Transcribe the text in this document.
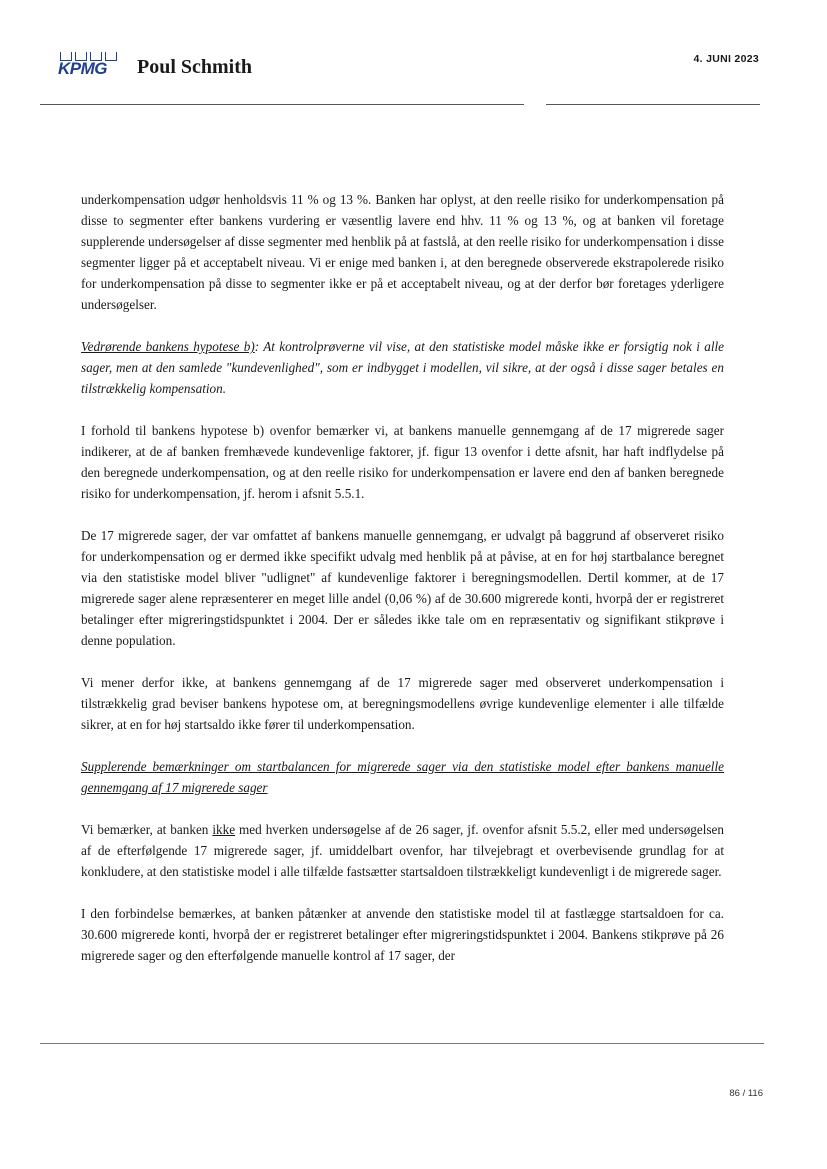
KPMG Poul Schmith	4. JUNI 2023

underkompensation udgør henholdsvis 11 % og 13 %. Banken har oplyst, at den reelle risiko for underkompensation på disse to segmenter efter bankens vurdering er væsentlig lavere end hhv. 11 % og 13 %, og at banken vil foretage supplerende undersøgelser af disse segmenter med henblik på at fastslå, at den reelle risiko for underkompensation i disse segmenter ligger på et acceptabelt niveau. Vi er enige med banken i, at den beregnede observerede ekstrapolerede risiko for underkompensation på disse to segmenter ikke er på et acceptabelt niveau, og at der derfor bør foretages yderligere undersøgelser.

Vedrørende bankens hypotese b): At kontrolprøverne vil vise, at den statistiske model måske ikke er forsigtig nok i alle sager, men at den samlede "kundevenlighed", som er indbygget i modellen, vil sikre, at der også i disse sager betales en tilstrækkelig kompensation.

I forhold til bankens hypotese b) ovenfor bemærker vi, at bankens manuelle gennemgang af de 17 migrerede sager indikerer, at de af banken fremhævede kundevenlige faktorer, jf. figur 13 ovenfor i dette afsnit, har haft indflydelse på den beregnede underkompensation, og at den reelle risiko for underkompensation er lavere end den af banken beregnede risiko for underkompensation, jf. herom i afsnit 5.5.1.

De 17 migrerede sager, der var omfattet af bankens manuelle gennemgang, er udvalgt på baggrund af observeret risiko for underkompensation og er dermed ikke specifikt udvalg med henblik på at påvise, at en for høj startbalance beregnet via den statistiske model bliver "udlignet" af kundevenlige faktorer i beregningsmodellen. Dertil kommer, at de 17 migrerede sager alene repræsenterer en meget lille andel (0,06 %) af de 30.600 migrerede konti, hvorpå der er registreret betalinger efter migreringstidspunktet i 2004. Der er således ikke tale om en repræsentativ og signifikant stikprøve i denne population.

Vi mener derfor ikke, at bankens gennemgang af de 17 migrerede sager med observeret underkompensation i tilstrækkelig grad beviser bankens hypotese om, at beregningsmodellens øvrige kundevenlige elementer i alle tilfælde sikrer, at en for høj startsaldo ikke fører til underkompensation.

Supplerende bemærkninger om startbalancen for migrerede sager via den statistiske model efter bankens manuelle gennemgang af 17 migrerede sager

Vi bemærker, at banken ikke med hverken undersøgelse af de 26 sager, jf. ovenfor afsnit 5.5.2, eller med undersøgelsen af de efterfølgende 17 migrerede sager, jf. umiddelbart ovenfor, har tilvejebragt et overbevisende grundlag for at konkludere, at den statistiske model i alle tilfælde fastsætter startsaldoen tilstrækkeligt kundevenligt i de migrerede sager.

I den forbindelse bemærkes, at banken påtænker at anvende den statistiske model til at fastlægge startsaldoen for ca. 30.600 migrerede konti, hvorpå der er registreret betalinger efter migreringstidspunktet i 2004. Bankens stikprøve på 26 migrerede sager og den efterfølgende manuelle kontrol af 17 sager, der

86 / 116
